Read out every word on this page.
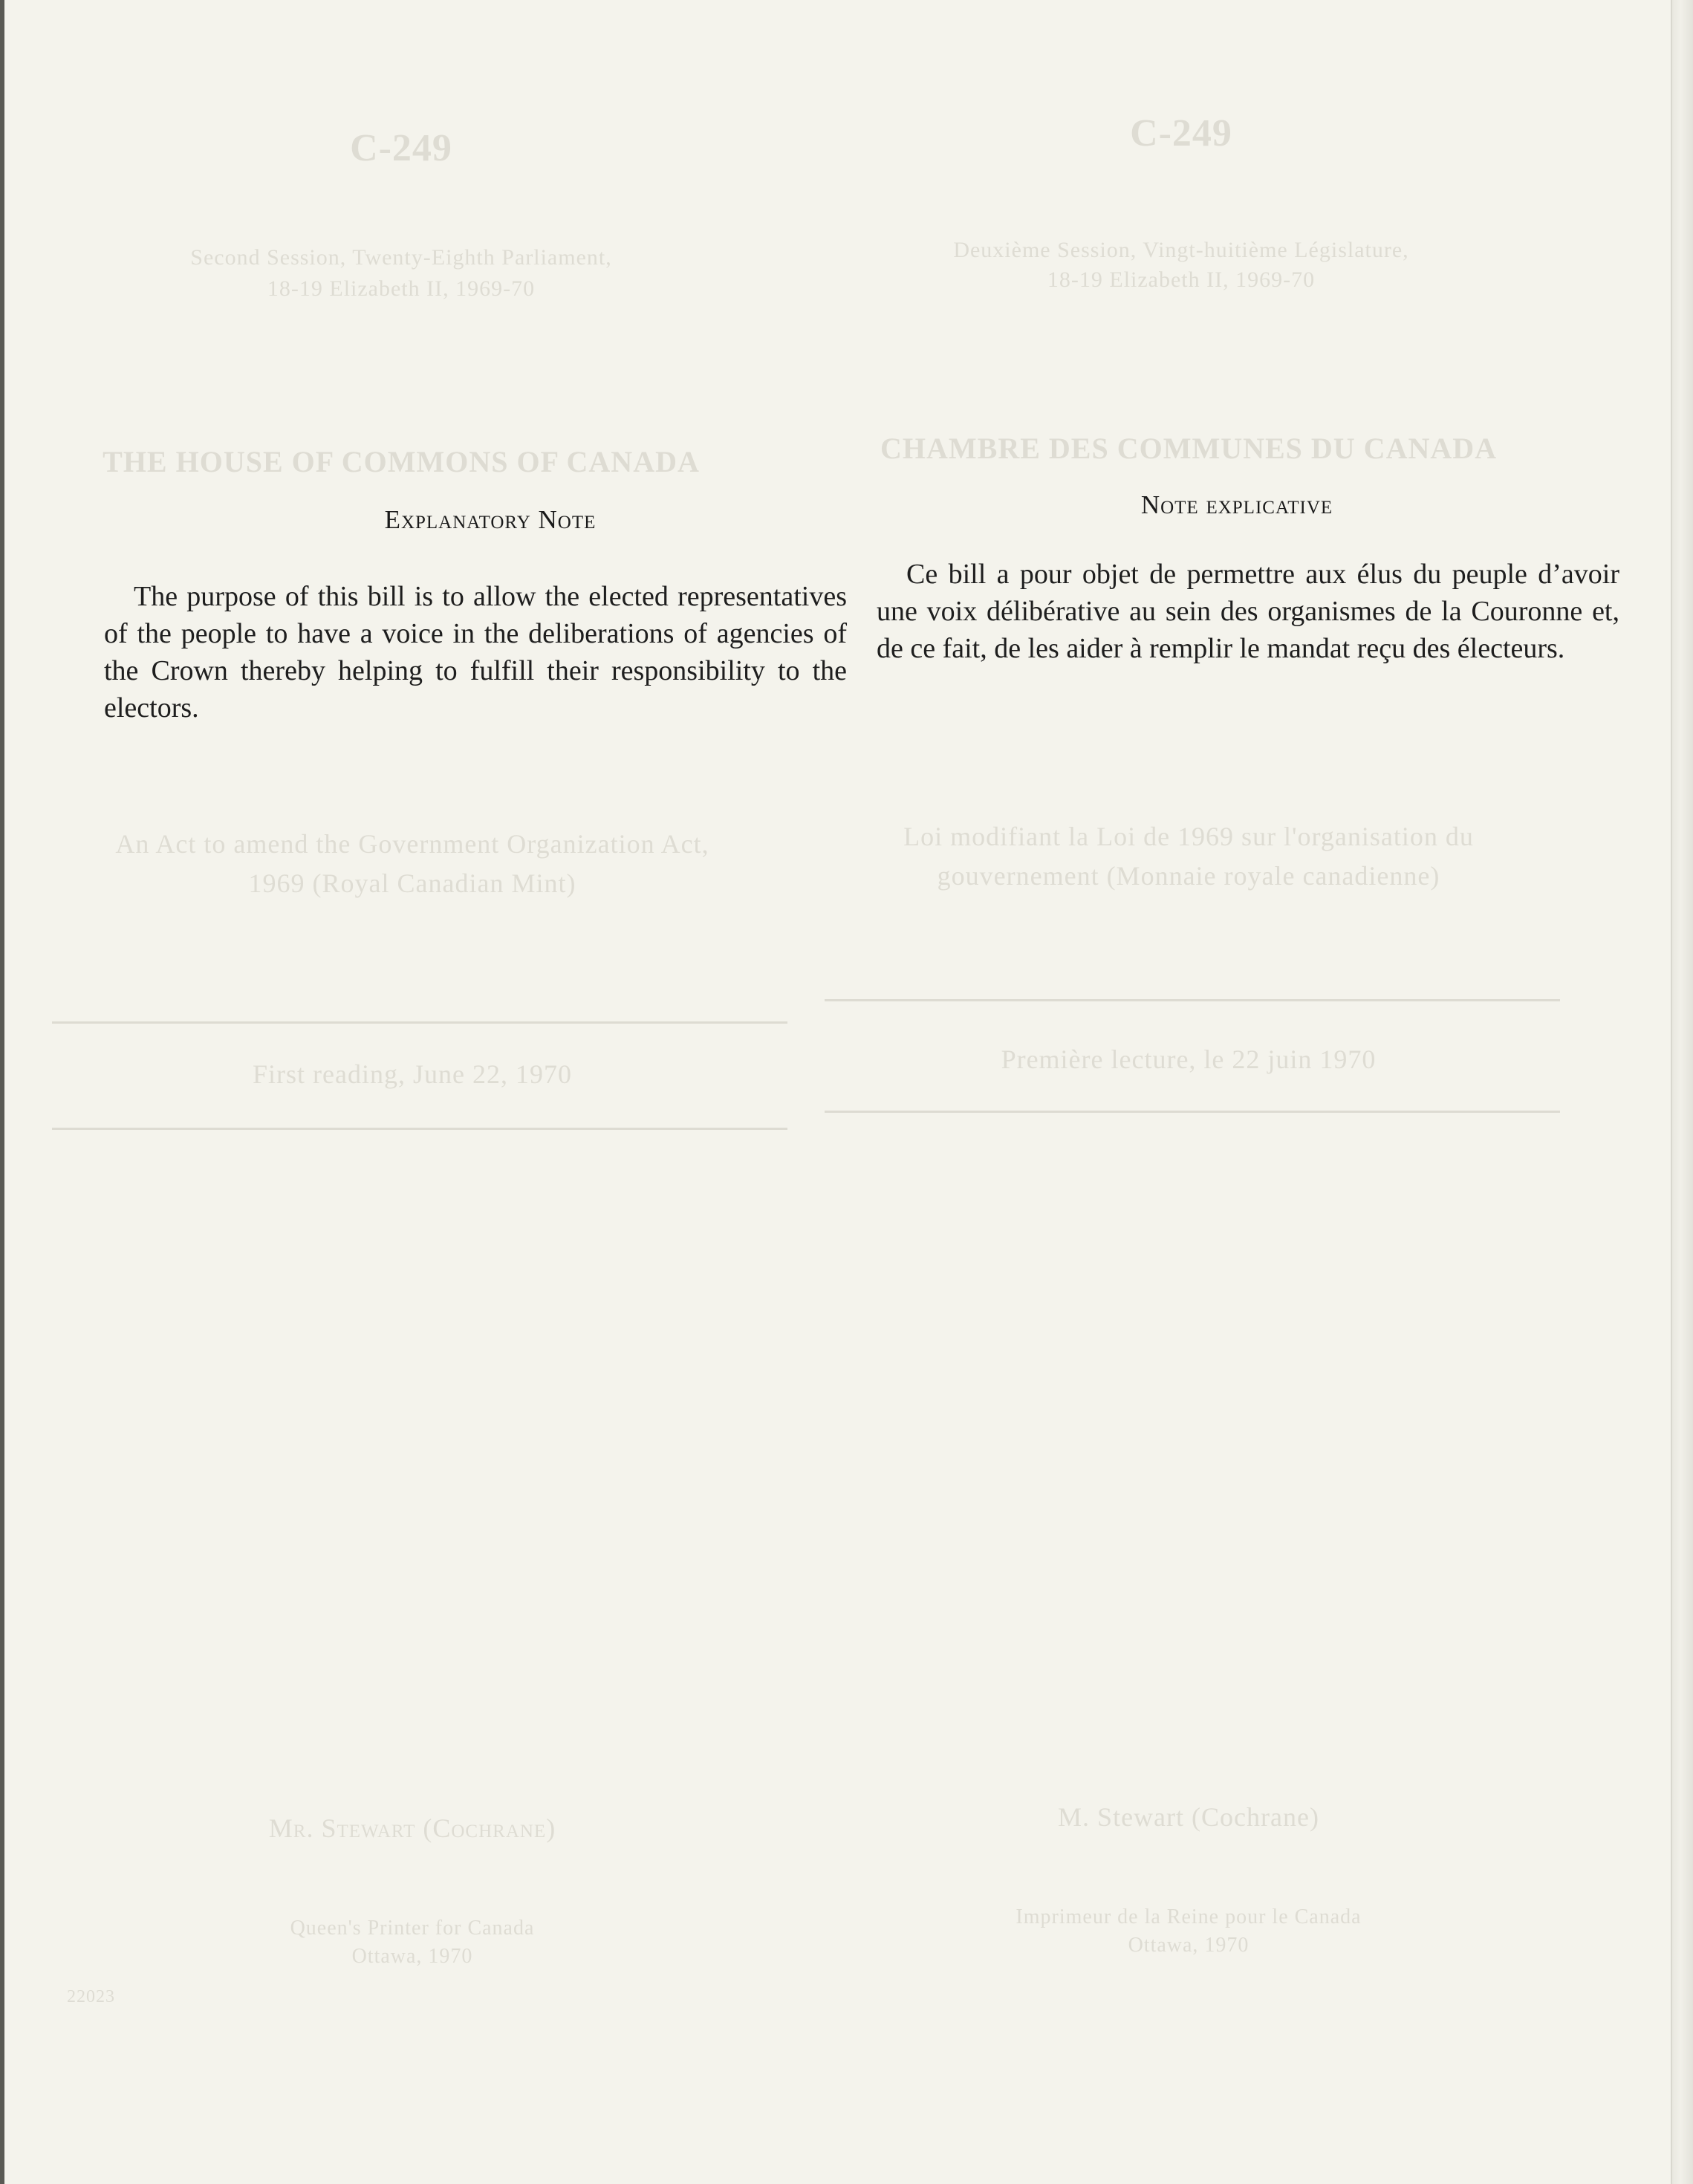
C-249	C-249
Second Session, Twenty-Eighth Parliament,
18-19 Elizabeth II, 1969-70
Deuxième Session, Vingt-huitième Législature,
18-19 Elizabeth II, 1969-70
THE HOUSE OF COMMONS OF CANADA	CHAMBRE DES COMMUNES DU CANADA
An Act to amend the Government Organization Act,
1969 (Royal Canadian Mint)
Loi modifiant la Loi de 1969 sur l'organisation du
gouvernement (Monnaie royale canadienne)
First reading, June 22, 1970	Première lecture, le 22 juin 1970
Mr. Stewart (Cochrane)	M. Stewart (Cochrane)
Queen's Printer for Canada
Ottawa, 1970
Imprimeur de la Reine pour le Canada
Ottawa, 1970
22023
Explanatory Note
The purpose of this bill is to allow the elected representatives of the people to have a voice in the deliberations of agencies of the Crown thereby helping to fulfill their responsibility to the electors.
Note explicative
Ce bill a pour objet de permettre aux élus du peuple d’avoir une voix délibérative au sein des organismes de la Couronne et, de ce fait, de les aider à remplir le mandat reçu des électeurs.
